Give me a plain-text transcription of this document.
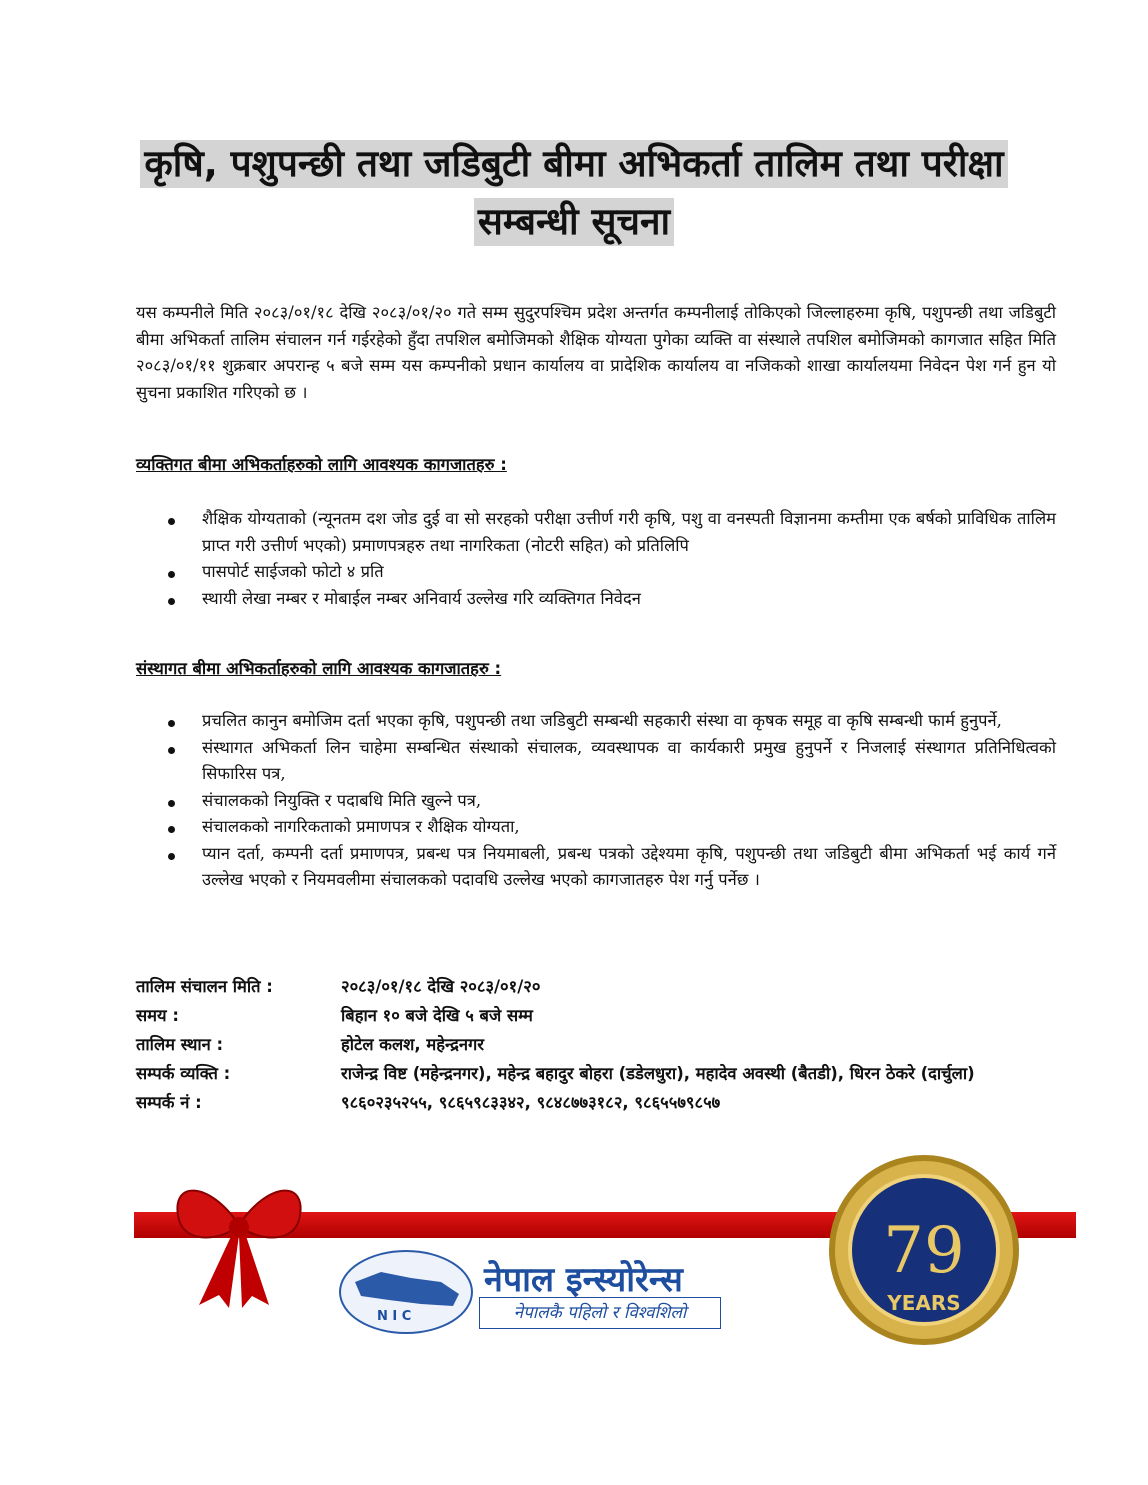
कृषि, पशुपन्छी तथा जडिबुटी बीमा अभिकर्ता तालिम तथा परीक्षा
सम्बन्धी सूचना

यस कम्पनीले मिति २०८३/०१/१८ देखि २०८३/०१/२० गते सम्म सुदुरपश्चिम प्रदेश अन्तर्गत कम्पनीलाई तोकिएको जिल्लाहरुमा कृषि, पशुपन्छी तथा जडिबुटी बीमा अभिकर्ता तालिम संचालन गर्न गईरहेको हुँदा तपशिल बमोजिमको शैक्षिक योग्यता पुगेका व्यक्ति वा संस्थाले तपशिल बमोजिमको कागजात सहित मिति २०८३/०१/११ शुक्रबार अपरान्ह ५ बजे सम्म यस कम्पनीको प्रधान कार्यालय वा प्रादेशिक कार्यालय वा नजिकको शाखा कार्यालयमा निवेदन पेश गर्न हुन यो सुचना प्रकाशित गरिएको छ ।

व्यक्तिगत बीमा अभिकर्ताहरुको लागि आवश्यक कागजातहरु :

शैक्षिक योग्यताको (न्यूनतम दश जोड दुई वा सो सरहको परीक्षा उत्तीर्ण गरी कृषि, पशु वा वनस्पती विज्ञानमा कम्तीमा एक बर्षको प्राविधिक तालिम प्राप्त गरी उत्तीर्ण भएको) प्रमाणपत्रहरु तथा नागरिकता (नोटरी सहित) को प्रतिलिपि
पासपोर्ट साईजको फोटो ४ प्रति
स्थायी लेखा नम्बर र मोबाईल नम्बर अनिवार्य उल्लेख गरि व्यक्तिगत निवेदन

संस्थागत बीमा अभिकर्ताहरुको लागि आवश्यक कागजातहरु :

प्रचलित कानुन बमोजिम दर्ता भएका कृषि, पशुपन्छी तथा जडिबुटी सम्बन्धी सहकारी संस्था वा कृषक समूह वा कृषि सम्बन्धी फार्म हुनुपर्ने,
संस्थागत अभिकर्ता लिन चाहेमा सम्बन्धित संस्थाको संचालक, व्यवस्थापक वा कार्यकारी प्रमुख हुनुपर्ने र निजलाई संस्थागत प्रतिनिधित्वको सिफारिस पत्र,
संचालकको नियुक्ति र पदाबधि मिति खुल्ने पत्र,
संचालकको नागरिकताको प्रमाणपत्र र शैक्षिक योग्यता,
प्यान दर्ता, कम्पनी दर्ता प्रमाणपत्र, प्रबन्ध पत्र नियमाबली, प्रबन्ध पत्रको उद्देश्यमा कृषि, पशुपन्छी तथा जडिबुटी बीमा अभिकर्ता भई कार्य गर्ने उल्लेख भएको र नियमवलीमा संचालकको पदावधि उल्लेख भएको कागजातहरु पेश गर्नु पर्नेछ ।
तालिम संचालन मिति :	२०८३/०१/१८ देखि २०८३/०१/२०
समय :	बिहान १० बजे देखि ५ बजे सम्म
तालिम स्थान :	होटेल कलश, महेन्द्रनगर
सम्पर्क व्यक्ति :	राजेन्द्र विष्ट (महेन्द्रनगर), महेन्द्र बहादुर बोहरा (डडेलधुरा), महादेव अवस्थी (बैतडी), धिरन ठेकरे (दार्चुला)
सम्पर्क नं :	९८६०२३५२५५, ९८६५९८३३४२, ९८४८७७३१८२, ९८६५५७९८५७
N I C
नेपाल इन्स्योरेन्स
नेपालकै पहिलो र विश्वशिलो
79
YEARS
